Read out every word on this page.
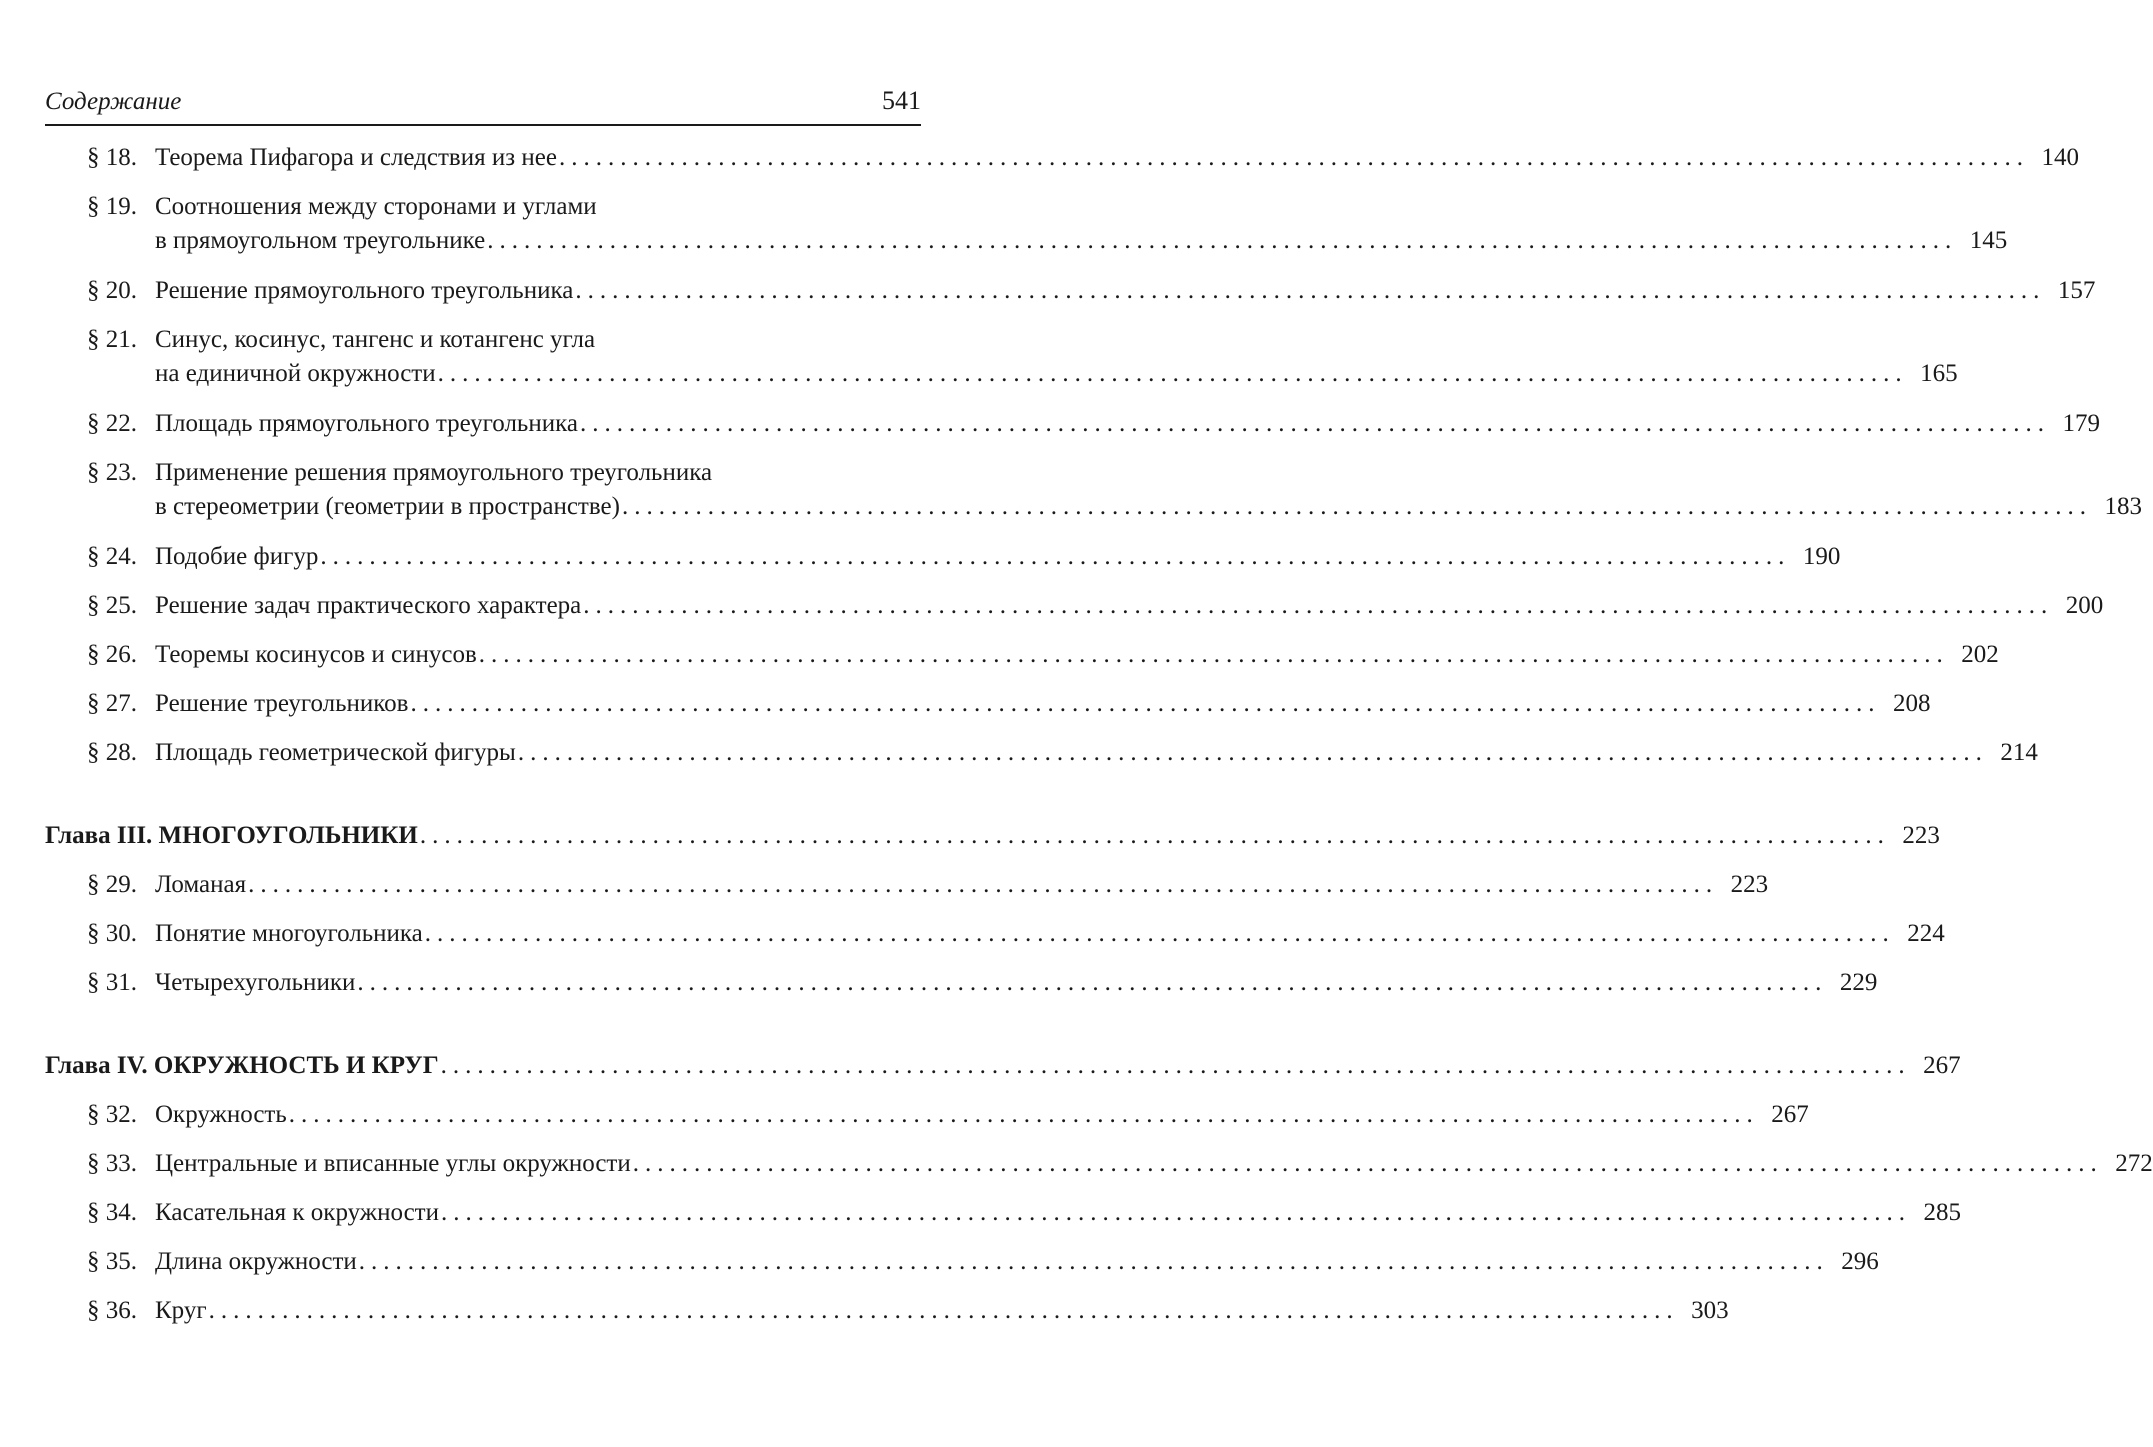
Содержание	541
§ 18. Теорема Пифагора и следствия из нее ........................................................................................................................ 140
§ 19. Соотношения между сторонами и углами
в прямоугольном треугольнике ........................................................................................................................ 145
§ 20. Решение прямоугольного треугольника ........................................................................................................................ 157
§ 21. Синус, косинус, тангенс и котангенс угла
на единичной окружности ........................................................................................................................ 165
§ 22. Площадь прямоугольного треугольника ........................................................................................................................ 179
§ 23. Применение решения прямоугольного треугольника
в стереометрии (геометрии в пространстве) ........................................................................................................................ 183
§ 24. Подобие фигур ........................................................................................................................ 190
§ 25. Решение задач практического характера ........................................................................................................................ 200
§ 26. Теоремы косинусов и синусов ........................................................................................................................ 202
§ 27. Решение треугольников ........................................................................................................................ 208
§ 28. Площадь геометрической фигуры ........................................................................................................................ 214
Глава III. МНОГОУГОЛЬНИКИ ........................................................................................................................ 223
§ 29. Ломаная ........................................................................................................................ 223
§ 30. Понятие многоугольника ........................................................................................................................ 224
§ 31. Четырехугольники ........................................................................................................................ 229
Глава IV. ОКРУЖНОСТЬ И КРУГ ........................................................................................................................ 267
§ 32. Окружность ........................................................................................................................ 267
§ 33. Центральные и вписанные углы окружности ........................................................................................................................ 272
§ 34. Касательная к окружности ........................................................................................................................ 285
§ 35. Длина окружности ........................................................................................................................ 296
§ 36. Круг ........................................................................................................................ 303
